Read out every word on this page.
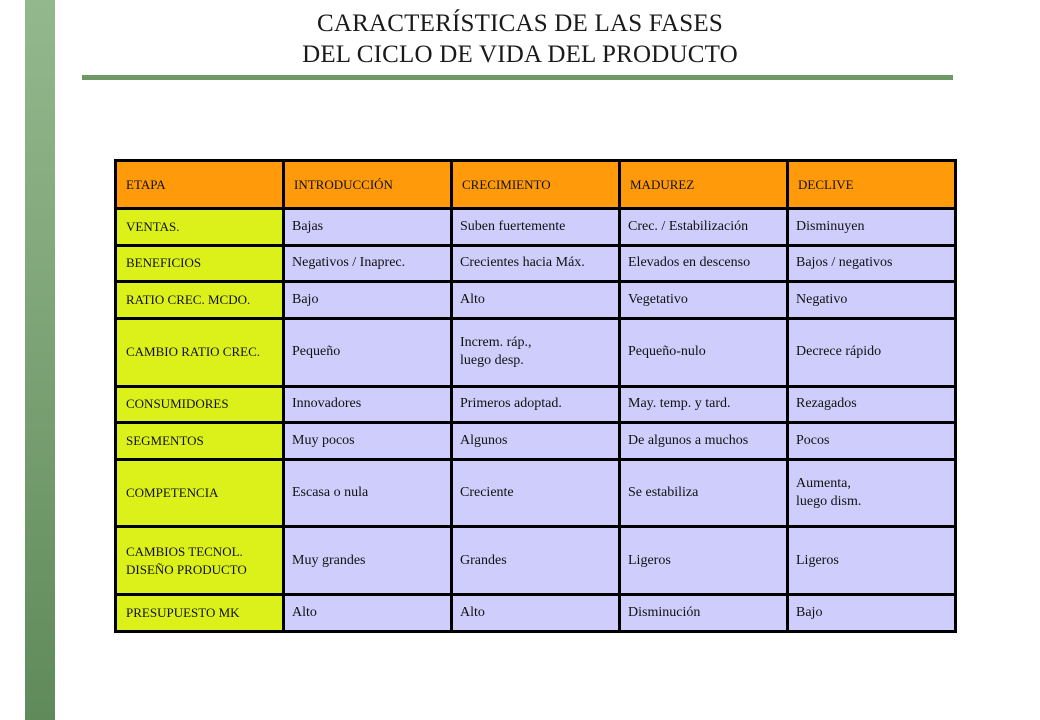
CARACTERÍSTICAS DE LAS FASES
DEL CICLO DE VIDA DEL PRODUCTO
ETAPA	INTRODUCCIÓN	CRECIMIENTO	MADUREZ	DECLIVE

VENTAS.	Bajas	Suben fuertemente	Crec. / Estabilización	Disminuyen

BENEFICIOS	Negativos / Inaprec.	Crecientes hacia Máx.	Elevados en descenso	Bajos / negativos

RATIO CREC. MCDO.	Bajo	Alto	Vegetativo	Negativo

CAMBIO RATIO CREC.	Pequeño	Increm. ráp.,
luego desp.	Pequeño-nulo	Decrece rápido

CONSUMIDORES	Innovadores	Primeros adoptad.	May. temp. y tard.	Rezagados

SEGMENTOS	Muy pocos	Algunos	De algunos a muchos	Pocos

COMPETENCIA	Escasa o nula	Creciente	Se estabiliza	Aumenta,
luego dism.

CAMBIOS TECNOL.
DISEÑO PRODUCTO	Muy grandes	Grandes	Ligeros	Ligeros

PRESUPUESTO MK	Alto	Alto	Disminución	Bajo
